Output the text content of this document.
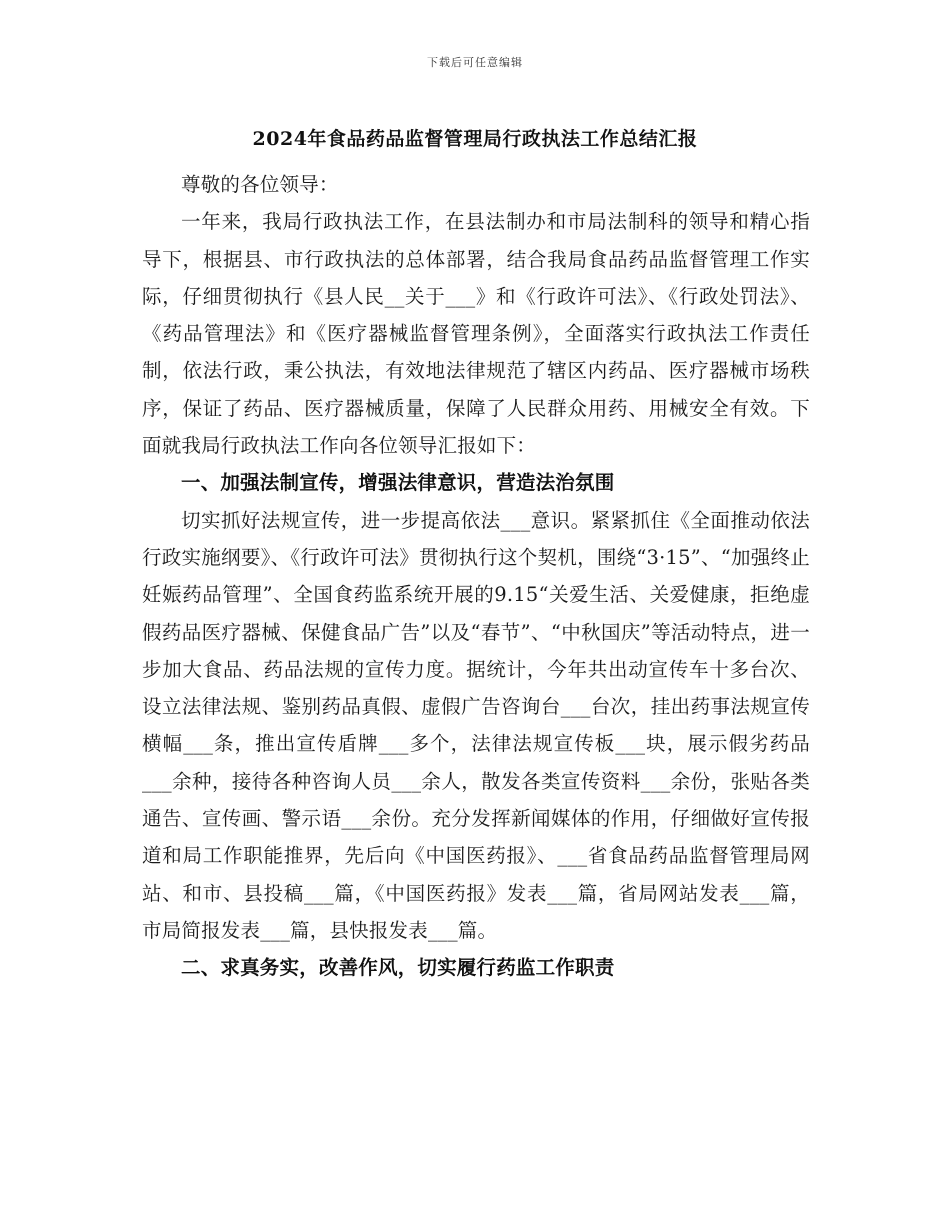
下载后可任意编辑
2024年食品药品监督管理局行政执法工作总结汇报

尊敬的各位领导：

一年来，我局行政执法工作，在县法制办和市局法制科的领导和精心指导下，根据县、市行政执法的总体部署，结合我局食品药品监督管理工作实际，仔细贯彻执行《县人民__关于___》和《行政许可法》、《行政处罚法》、《药品管理法》和《医疗器械监督管理条例》，全面落实行政执法工作责任制，依法行政，秉公执法，有效地法律规范了辖区内药品、医疗器械市场秩序，保证了药品、医疗器械质量，保障了人民群众用药、用械安全有效。下面就我局行政执法工作向各位领导汇报如下：

一、加强法制宣传，增强法律意识，营造法治氛围

切实抓好法规宣传，进一步提高依法___意识。紧紧抓住《全面推动依法行政实施纲要》、《行政许可法》贯彻执行这个契机，围绕“3·15”、“加强终止妊娠药品管理”、全国食药监系统开展的9.15“关爱生活、关爱健康，拒绝虚假药品医疗器械、保健食品广告”以及“春节”、“中秋国庆”等活动特点，进一步加大食品、药品法规的宣传力度。据统计，今年共出动宣传车十多台次、设立法律法规、鉴别药品真假、虚假广告咨询台___台次，挂出药事法规宣传横幅___条，推出宣传盾牌___多个，法律法规宣传板___块，展示假劣药品___余种，接待各种咨询人员___余人，散发各类宣传资料___余份，张贴各类通告、宣传画、警示语___余份。充分发挥新闻媒体的作用，仔细做好宣传报道和局工作职能推界，先后向《中国医药报》、___省食品药品监督管理局网站、和市、县投稿___篇，《中国医药报》发表___篇，省局网站发表___篇，市局简报发表___篇，县快报发表___篇。

二、求真务实，改善作风，切实履行药监工作职责
